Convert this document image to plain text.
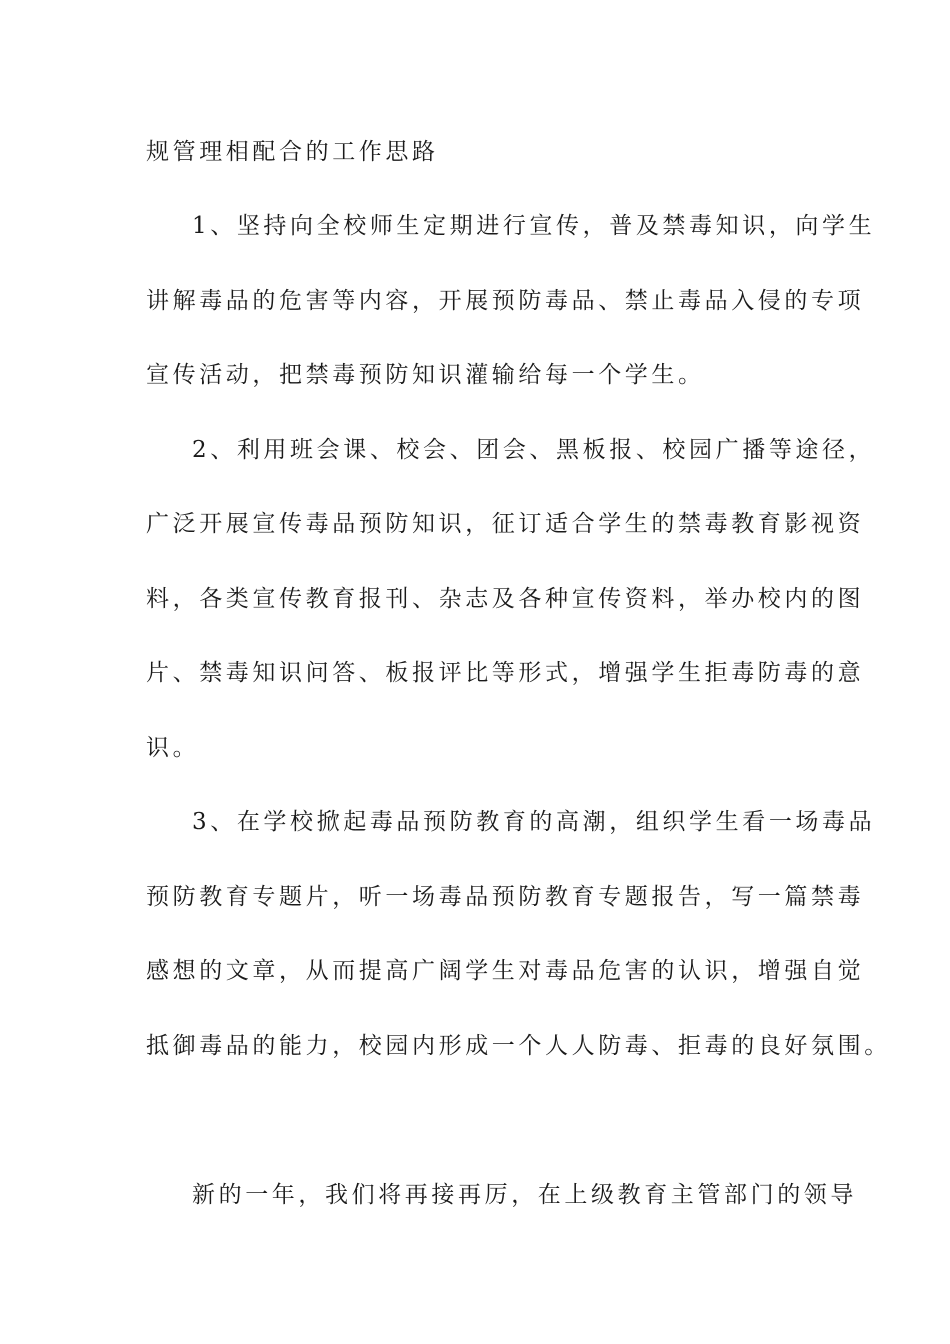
规管理相配合的工作思路

1、坚持向全校师生定期进行宣传，普及禁毒知识，向学生

讲解毒品的危害等内容，开展预防毒品、禁止毒品入侵的专项

宣传活动，把禁毒预防知识灌输给每一个学生。

2、利用班会课、校会、团会、黑板报、校园广播等途径，

广泛开展宣传毒品预防知识，征订适合学生的禁毒教育影视资

料，各类宣传教育报刊、杂志及各种宣传资料，举办校内的图

片、禁毒知识问答、板报评比等形式，增强学生拒毒防毒的意

识。

3、在学校掀起毒品预防教育的高潮，组织学生看一场毒品

预防教育专题片，听一场毒品预防教育专题报告，写一篇禁毒

感想的文章，从而提高广阔学生对毒品危害的认识，增强自觉

抵御毒品的能力，校园内形成一个人人防毒、拒毒的良好氛围。

新的一年，我们将再接再厉，在上级教育主管部门的领导
